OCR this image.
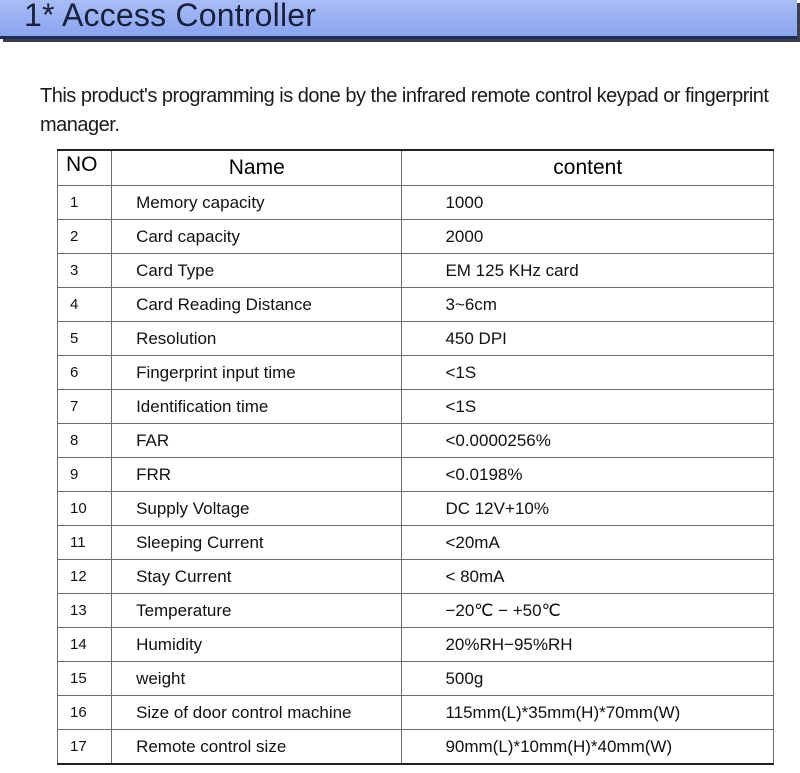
1* Access Controller

This product's programming is done by the infrared remote control keypad or fingerprint manager.

NO	Name	content
1	Memory capacity	1000
2	Card capacity	2000
3	Card Type	EM 125 KHz card
4	Card Reading Distance	3~6cm
5	Resolution	450 DPI
6	Fingerprint input time	<1S
7	Identification time	<1S
8	FAR	<0.0000256%
9	FRR	<0.0198%
10	Supply Voltage	DC 12V+10%
11	Sleeping Current	<20mA
12	Stay Current	< 80mA
13	Temperature	−20℃ − +50℃
14	Humidity	20%RH−95%RH
15	weight	500g
16	Size of door control machine	115mm(L)*35mm(H)*70mm(W)
17	Remote control size	90mm(L)*10mm(H)*40mm(W)
